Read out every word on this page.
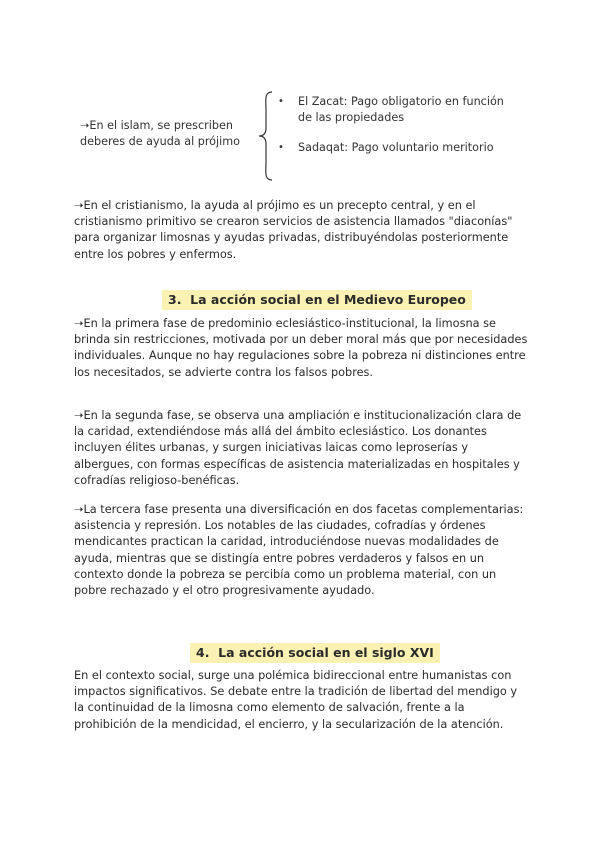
➝En el islam, se prescriben deberes de ayuda al prójimo
• El Zacat: Pago obligatorio en función de las propiedades
• Sadaqat: Pago voluntario meritorio
➝En el cristianismo, la ayuda al prójimo es un precepto central, y en el cristianismo primitivo se crearon servicios de asistencia llamados "diaconías" para organizar limosnas y ayudas privadas, distribuyéndolas posteriormente entre los pobres y enfermos.
3. La acción social en el Medievo Europeo
➝En la primera fase de predominio eclesiástico-institucional, la limosna se brinda sin restricciones, motivada por un deber moral más que por necesidades individuales. Aunque no hay regulaciones sobre la pobreza ni distinciones entre los necesitados, se advierte contra los falsos pobres.
➝En la segunda fase, se observa una ampliación e institucionalización clara de la caridad, extendiéndose más allá del ámbito eclesiástico. Los donantes incluyen élites urbanas, y surgen iniciativas laicas como leproserías y albergues, con formas específicas de asistencia materializadas en hospitales y cofradías religioso-benéficas.
➝La tercera fase presenta una diversificación en dos facetas complementarias: asistencia y represión. Los notables de las ciudades, cofradías y órdenes mendicantes practican la caridad, introduciéndose nuevas modalidades de ayuda, mientras que se distingía entre pobres verdaderos y falsos en un contexto donde la pobreza se percibía como un problema material, con un pobre rechazado y el otro progresivamente ayudado.
4. La acción social en el siglo XVI
En el contexto social, surge una polémica bidireccional entre humanistas con impactos significativos. Se debate entre la tradición de libertad del mendigo y la continuidad de la limosna como elemento de salvación, frente a la prohibición de la mendicidad, el encierro, y la secularización de la atención.
